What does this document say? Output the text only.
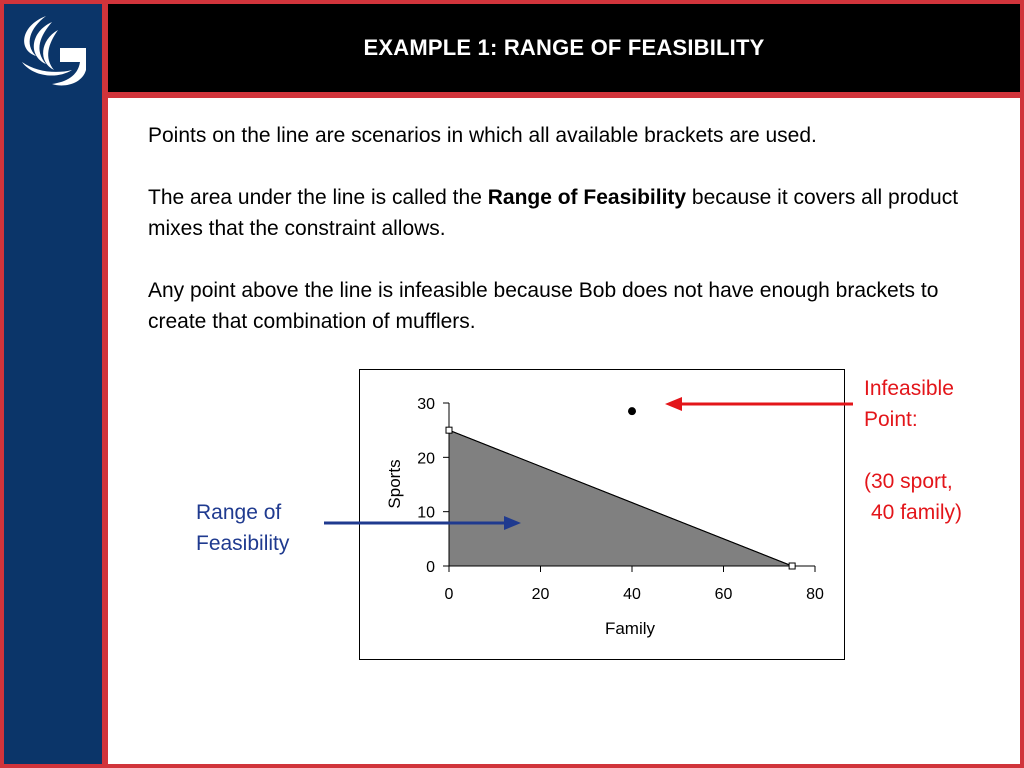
EXAMPLE 1: RANGE OF FEASIBILITY

Points on the line are scenarios in which all available brackets are used.

The area under the line is called the Range of Feasibility because it covers all product mixes that the constraint allows.

Any point above the line is infeasible because Bob does not have enough brackets to create that combination of mufflers.

Range of
Feasibility
Infeasible
Point:
(30 sport,
40 family)
0
10
20
30
0	20	40	60	80
Family
Sports
